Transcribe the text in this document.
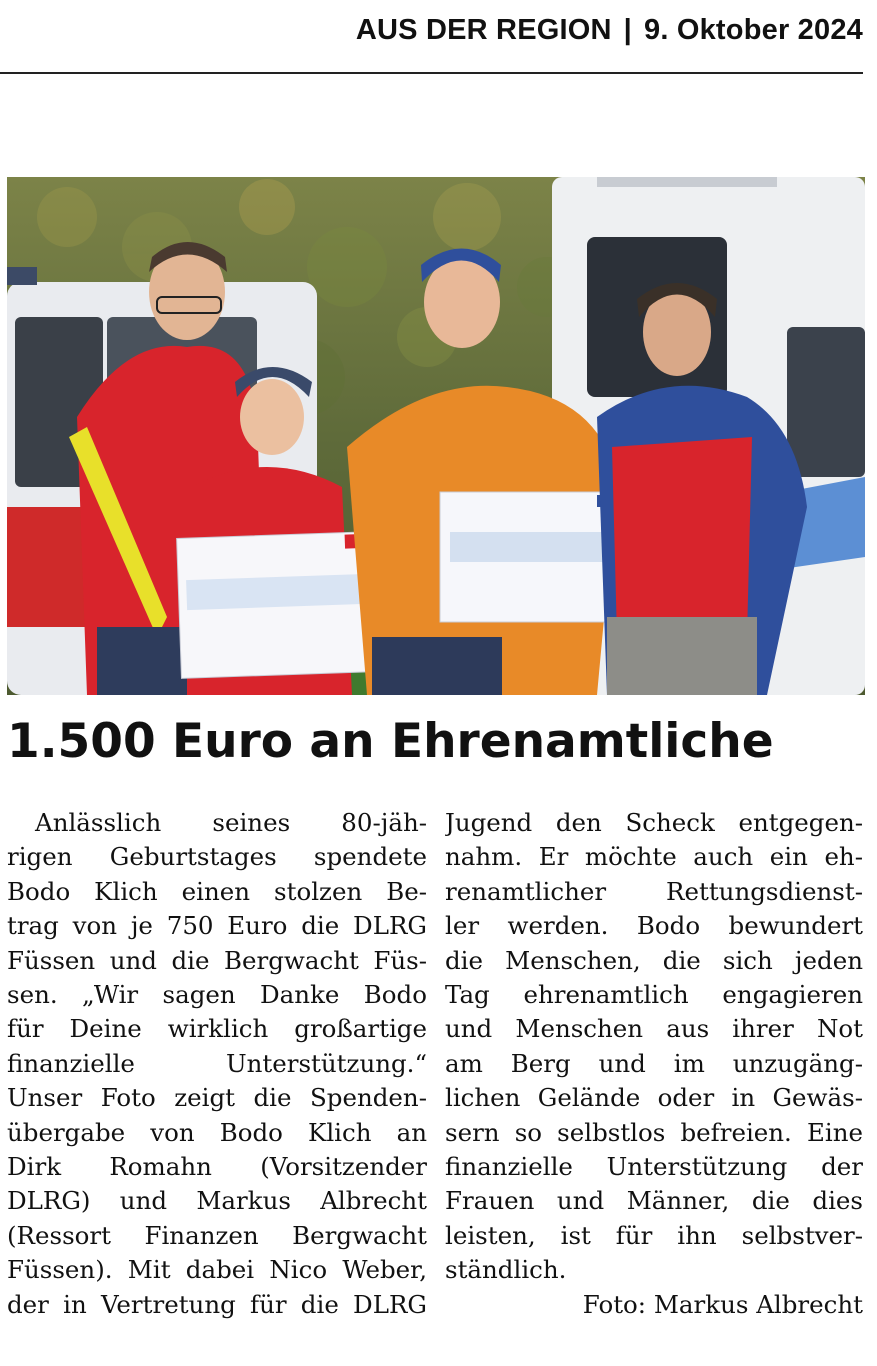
AUS DER REGION | 9. Oktober 2024
1.500 Euro an Ehrenamtliche
Anlässlich seines 80-jäh-
rigen Geburtstages spendete
Bodo Klich einen stolzen Be-
trag von je 750 Euro die DLRG
Füssen und die Bergwacht Füs-
sen. „Wir sagen Danke Bodo
für Deine wirklich großartige
finanzielle Unterstützung.“
Unser Foto zeigt die Spenden-
übergabe von Bodo Klich an
Dirk Romahn (Vorsitzender
DLRG) und Markus Albrecht
(Ressort Finanzen Bergwacht
Füssen). Mit dabei Nico Weber,
der in Vertretung für die DLRG
Jugend den Scheck entgegen-
nahm. Er möchte auch ein eh-
renamtlicher Rettungsdienst-
ler werden. Bodo bewundert
die Menschen, die sich jeden
Tag ehrenamtlich engagieren
und Menschen aus ihrer Not
am Berg und im unzugäng-
lichen Gelände oder in Gewäs-
sern so selbstlos befreien. Eine
finanzielle Unterstützung der
Frauen und Männer, die dies
leisten, ist für ihn selbstver-
ständlich.
Foto: Markus Albrecht
